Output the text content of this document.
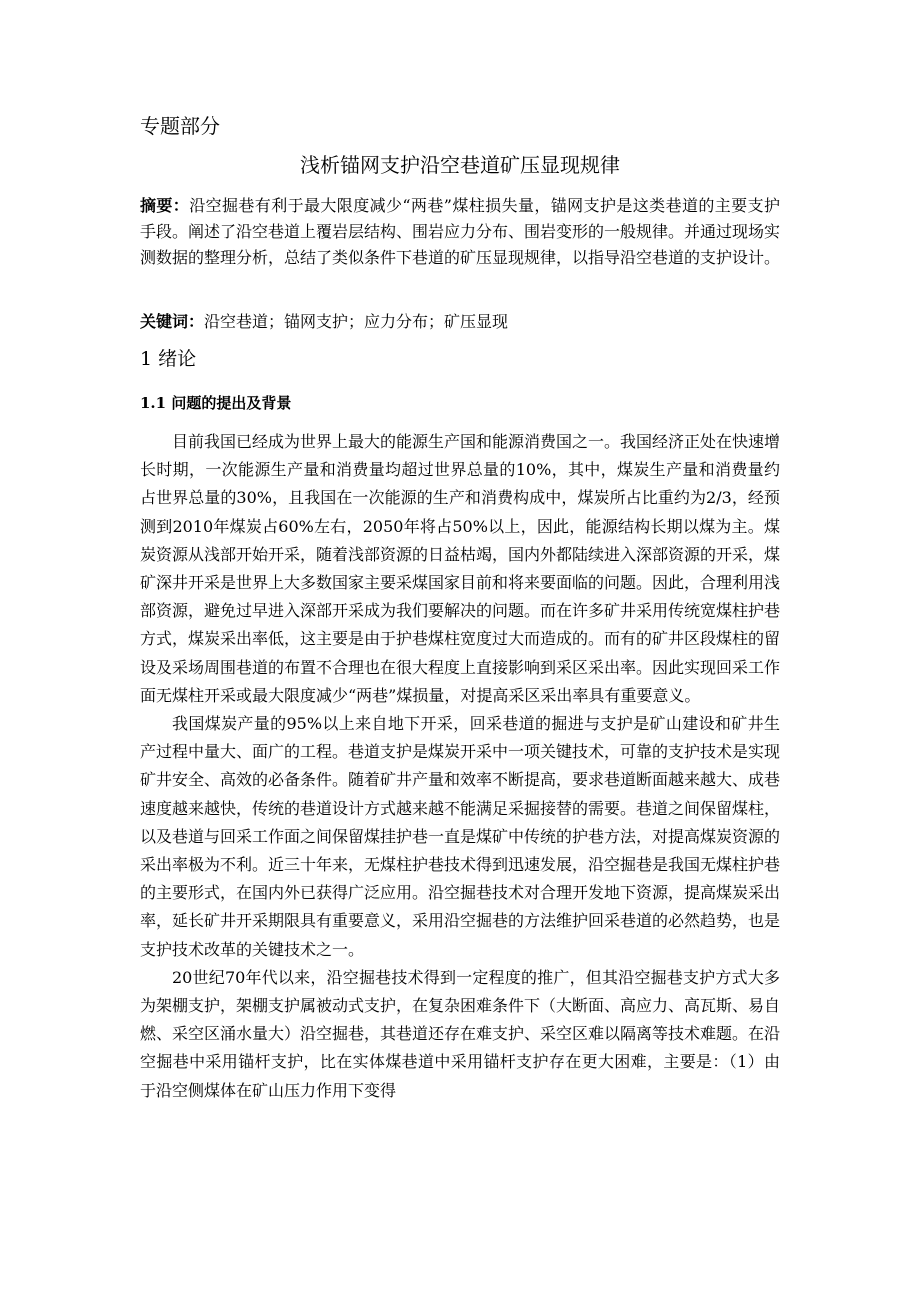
专题部分
浅析锚网支护沿空巷道矿压显现规律
摘要：沿空掘巷有利于最大限度减少“两巷”煤柱损失量，锚网支护是这类巷道的主要支护手段。阐述了沿空巷道上覆岩层结构、围岩应力分布、围岩变形的一般规律。并通过现场实测数据的整理分析，总结了类似条件下巷道的矿压显现规律，以指导沿空巷道的支护设计。
关键词：沿空巷道；锚网支护；应力分布；矿压显现
1 绪论
1.1 问题的提出及背景

目前我国已经成为世界上最大的能源生产国和能源消费国之一。我国经济正处在快速增长时期，一次能源生产量和消费量均超过世界总量的10%，其中，煤炭生产量和消费量约占世界总量的30%，且我国在一次能源的生产和消费构成中，煤炭所占比重约为2/3，经预测到2010年煤炭占60%左右，2050年将占50%以上，因此，能源结构长期以煤为主。煤炭资源从浅部开始开采，随着浅部资源的日益枯竭，国内外都陆续进入深部资源的开采，煤矿深井开采是世界上大多数国家主要采煤国家目前和将来要面临的问题。因此，合理利用浅部资源，避免过早进入深部开采成为我们要解决的问题。而在许多矿井采用传统宽煤柱护巷方式，煤炭采出率低，这主要是由于护巷煤柱宽度过大而造成的。而有的矿井区段煤柱的留设及采场周围巷道的布置不合理也在很大程度上直接影响到采区采出率。因此实现回采工作面无煤柱开采或最大限度减少“两巷”煤损量，对提高采区采出率具有重要意义。

我国煤炭产量的95%以上来自地下开采，回采巷道的掘进与支护是矿山建设和矿井生产过程中量大、面广的工程。巷道支护是煤炭开采中一项关键技术，可靠的支护技术是实现矿井安全、高效的必备条件。随着矿井产量和效率不断提高，要求巷道断面越来越大、成巷速度越来越快，传统的巷道设计方式越来越不能满足采掘接替的需要。巷道之间保留煤柱，以及巷道与回采工作面之间保留煤挂护巷一直是煤矿中传统的护巷方法，对提高煤炭资源的采出率极为不利。近三十年来，无煤柱护巷技术得到迅速发展，沿空掘巷是我国无煤柱护巷的主要形式，在国内外已获得广泛应用。沿空掘巷技术对合理开发地下资源，提高煤炭采出率，延长矿井开采期限具有重要意义，采用沿空掘巷的方法维护回采巷道的必然趋势，也是支护技术改革的关键技术之一。

20世纪70年代以来，沿空掘巷技术得到一定程度的推广，但其沿空掘巷支护方式大多为架棚支护，架棚支护属被动式支护，在复杂困难条件下（大断面、高应力、高瓦斯、易自燃、采空区涌水量大）沿空掘巷，其巷道还存在难支护、采空区难以隔离等技术难题。在沿空掘巷中采用锚杆支护，比在实体煤巷道中采用锚杆支护存在更大困难，主要是：（1）由于沿空侧煤体在矿山压力作用下变得
